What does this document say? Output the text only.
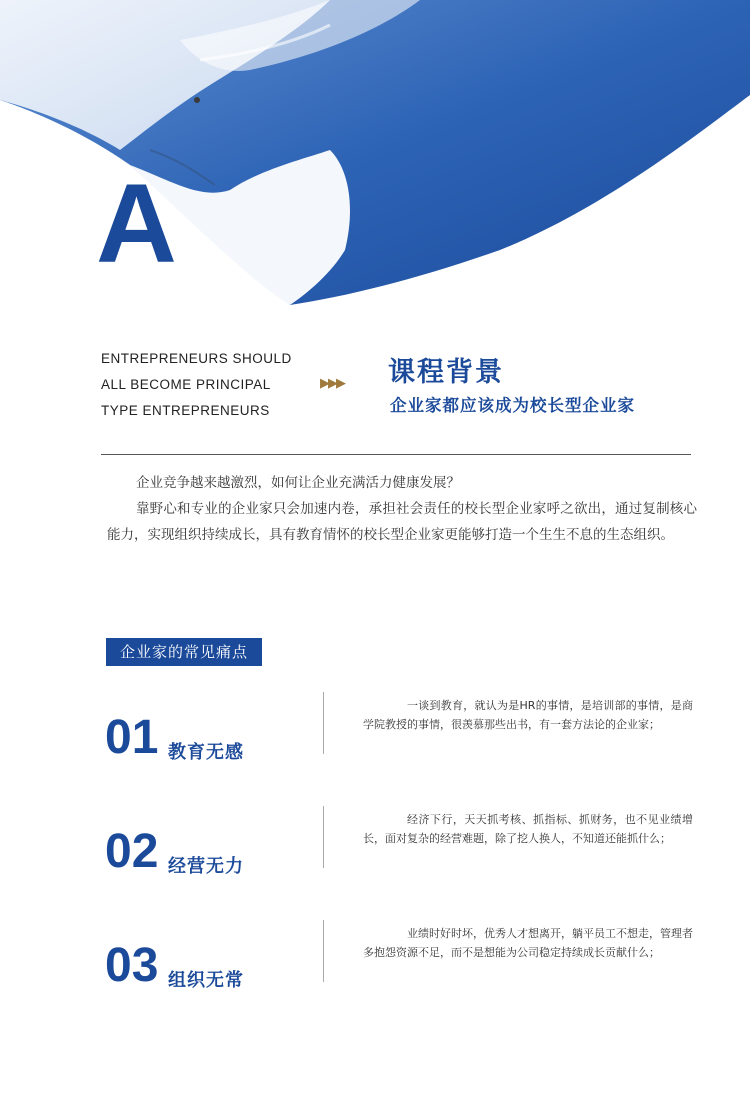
A
ENTREPRENEURS SHOULD
ALL BECOME PRINCIPAL
TYPE ENTREPRENEURS
▶▶▶ 课程背景
企业家都应该成为校长型企业家

企业竞争越来越激烈，如何让企业充满活力健康发展？

靠野心和专业的企业家只会加速内卷，承担社会责任的校长型企业家呼之欲出，通过复制核心能力，实现组织持续成长，具有教育情怀的校长型企业家更能够打造一个生生不息的生态组织。

企业家的常见痛点
01 教育无感
一谈到教育，就认为是HR的事情，是培训部的事情，是商学院教授的事情，很羡慕那些出书，有一套方法论的企业家；
02 经营无力
经济下行，天天抓考核、抓指标、抓财务，也不见业绩增长，面对复杂的经营难题，除了挖人换人，不知道还能抓什么；
03 组织无常
业绩时好时坏，优秀人才想离开，躺平员工不想走，管理者多抱怨资源不足，而不是想能为公司稳定持续成长贡献什么；
